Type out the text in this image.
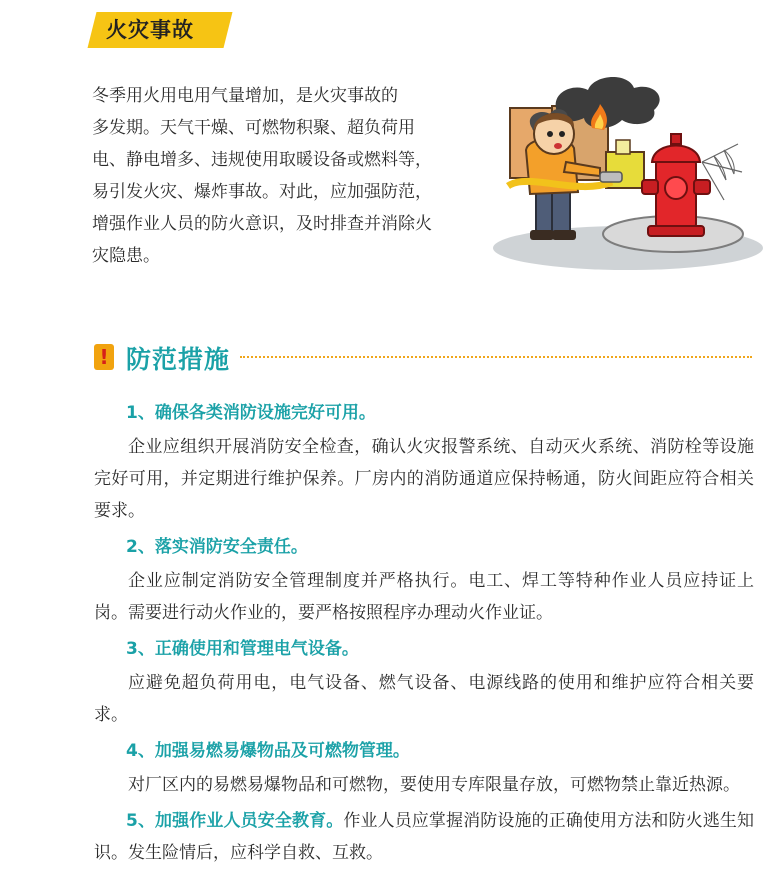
火灾事故
冬季用火用电用气量增加，是火灾事故的
多发期。天气干燥、可燃物积聚、超负荷用
电、静电增多、违规使用取暖设备或燃料等，
易引发火灾、爆炸事故。对此，应加强防范，
增强作业人员的防火意识，及时排查并消除火
灾隐患。
! 防范措施
1、确保各类消防设施完好可用。
企业应组织开展消防安全检查，确认火灾报警系统、自动灭火系统、消防栓等设施完好可用，并定期进行维护保养。厂房内的消防通道应保持畅通，防火间距应符合相关要求。
2、落实消防安全责任。
企业应制定消防安全管理制度并严格执行。电工、焊工等特种作业人员应持证上岗。需要进行动火作业的，要严格按照程序办理动火作业证。
3、正确使用和管理电气设备。
应避免超负荷用电，电气设备、燃气设备、电源线路的使用和维护应符合相关要求。
4、加强易燃易爆物品及可燃物管理。
对厂区内的易燃易爆物品和可燃物，要使用专库限量存放，可燃物禁止靠近热源。
5、加强作业人员安全教育。作业人员应掌握消防设施的正确使用方法和防火逃生知识。发生险情后，应科学自救、互救。
